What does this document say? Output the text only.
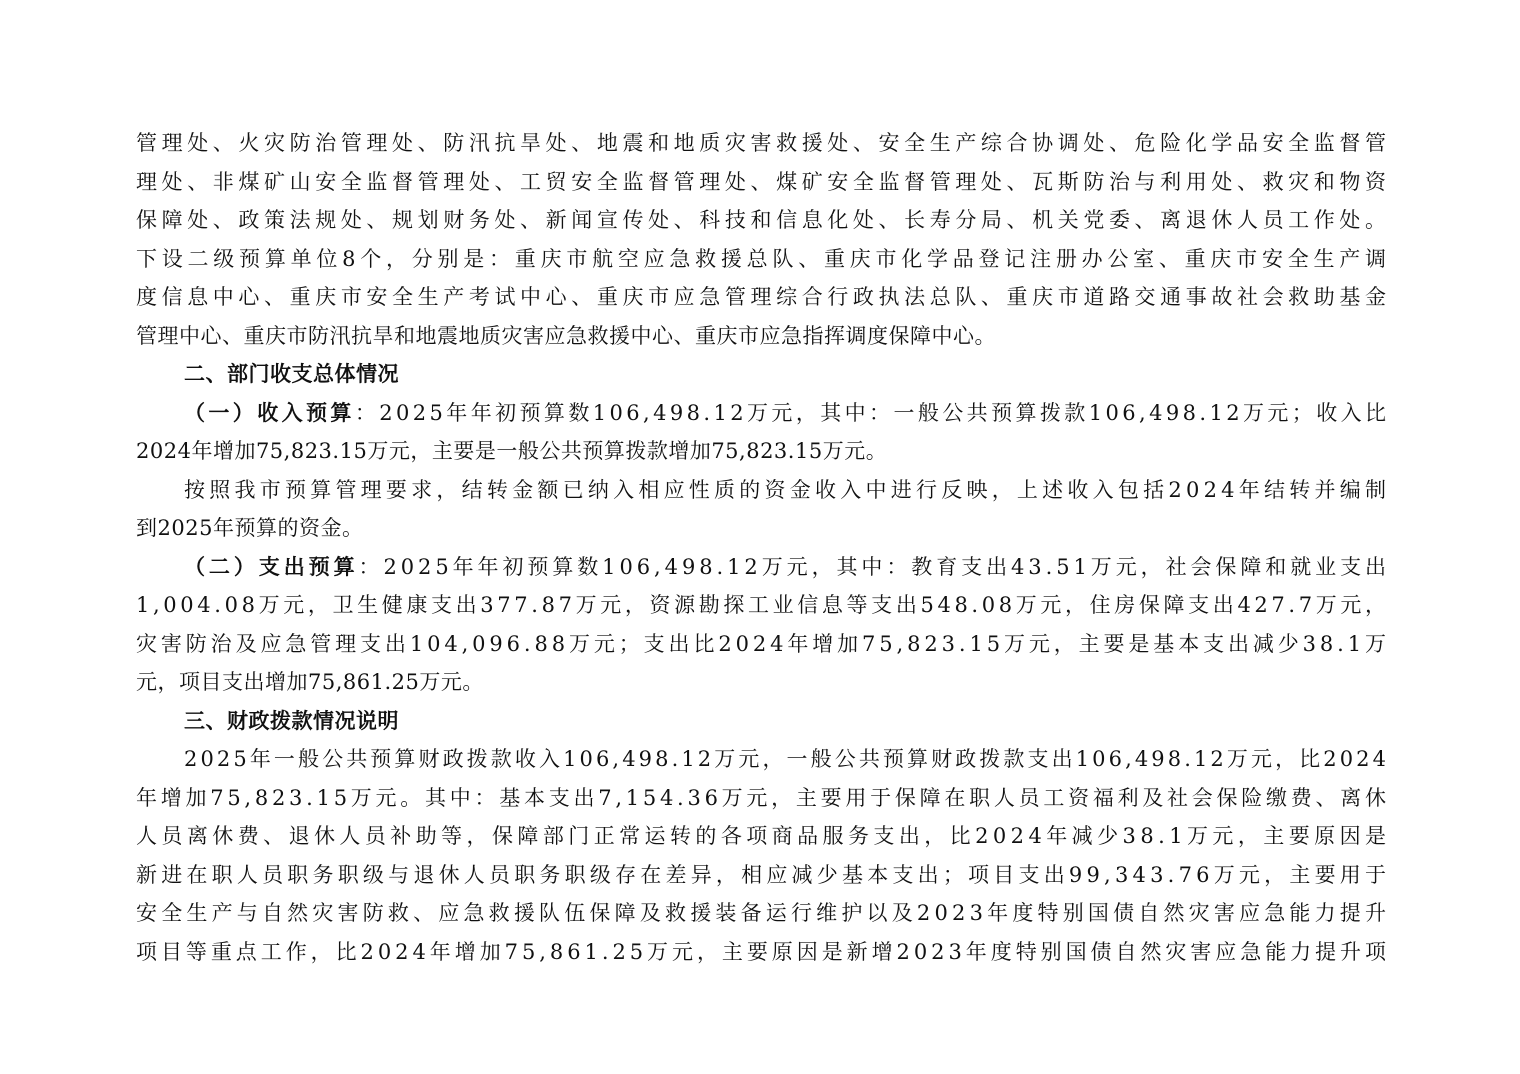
管理处、火灾防治管理处、防汛抗旱处、地震和地质灾害救援处、安全生产综合协调处、危险化学品安全监督管
理处、非煤矿山安全监督管理处、工贸安全监督管理处、煤矿安全监督管理处、瓦斯防治与利用处、救灾和物资
保障处、政策法规处、规划财务处、新闻宣传处、科技和信息化处、长寿分局、机关党委、离退休人员工作处。
下设二级预算单位8个，分别是：重庆市航空应急救援总队、重庆市化学品登记注册办公室、重庆市安全生产调
度信息中心、重庆市安全生产考试中心、重庆市应急管理综合行政执法总队、重庆市道路交通事故社会救助基金
管理中心、重庆市防汛抗旱和地震地质灾害应急救援中心、重庆市应急指挥调度保障中心。
二、部门收支总体情况
（一）收入预算：2025年年初预算数106,498.12万元，其中：一般公共预算拨款106,498.12万元；收入比
2024年增加75,823.15万元，主要是一般公共预算拨款增加75,823.15万元。
按照我市预算管理要求，结转金额已纳入相应性质的资金收入中进行反映，上述收入包括2024年结转并编制
到2025年预算的资金。
（二）支出预算：2025年年初预算数106,498.12万元，其中：教育支出43.51万元，社会保障和就业支出
1,004.08万元，卫生健康支出377.87万元，资源勘探工业信息等支出548.08万元，住房保障支出427.7万元，
灾害防治及应急管理支出104,096.88万元；支出比2024年增加75,823.15万元，主要是基本支出减少38.1万
元，项目支出增加75,861.25万元。
三、财政拨款情况说明
2025年一般公共预算财政拨款收入106,498.12万元，一般公共预算财政拨款支出106,498.12万元，比2024
年增加75,823.15万元。其中：基本支出7,154.36万元，主要用于保障在职人员工资福利及社会保险缴费、离休
人员离休费、退休人员补助等，保障部门正常运转的各项商品服务支出，比2024年减少38.1万元，主要原因是
新进在职人员职务职级与退休人员职务职级存在差异，相应减少基本支出；项目支出99,343.76万元，主要用于
安全生产与自然灾害防救、应急救援队伍保障及救援装备运行维护以及2023年度特别国债自然灾害应急能力提升
项目等重点工作，比2024年增加75,861.25万元，主要原因是新增2023年度特别国债自然灾害应急能力提升项
